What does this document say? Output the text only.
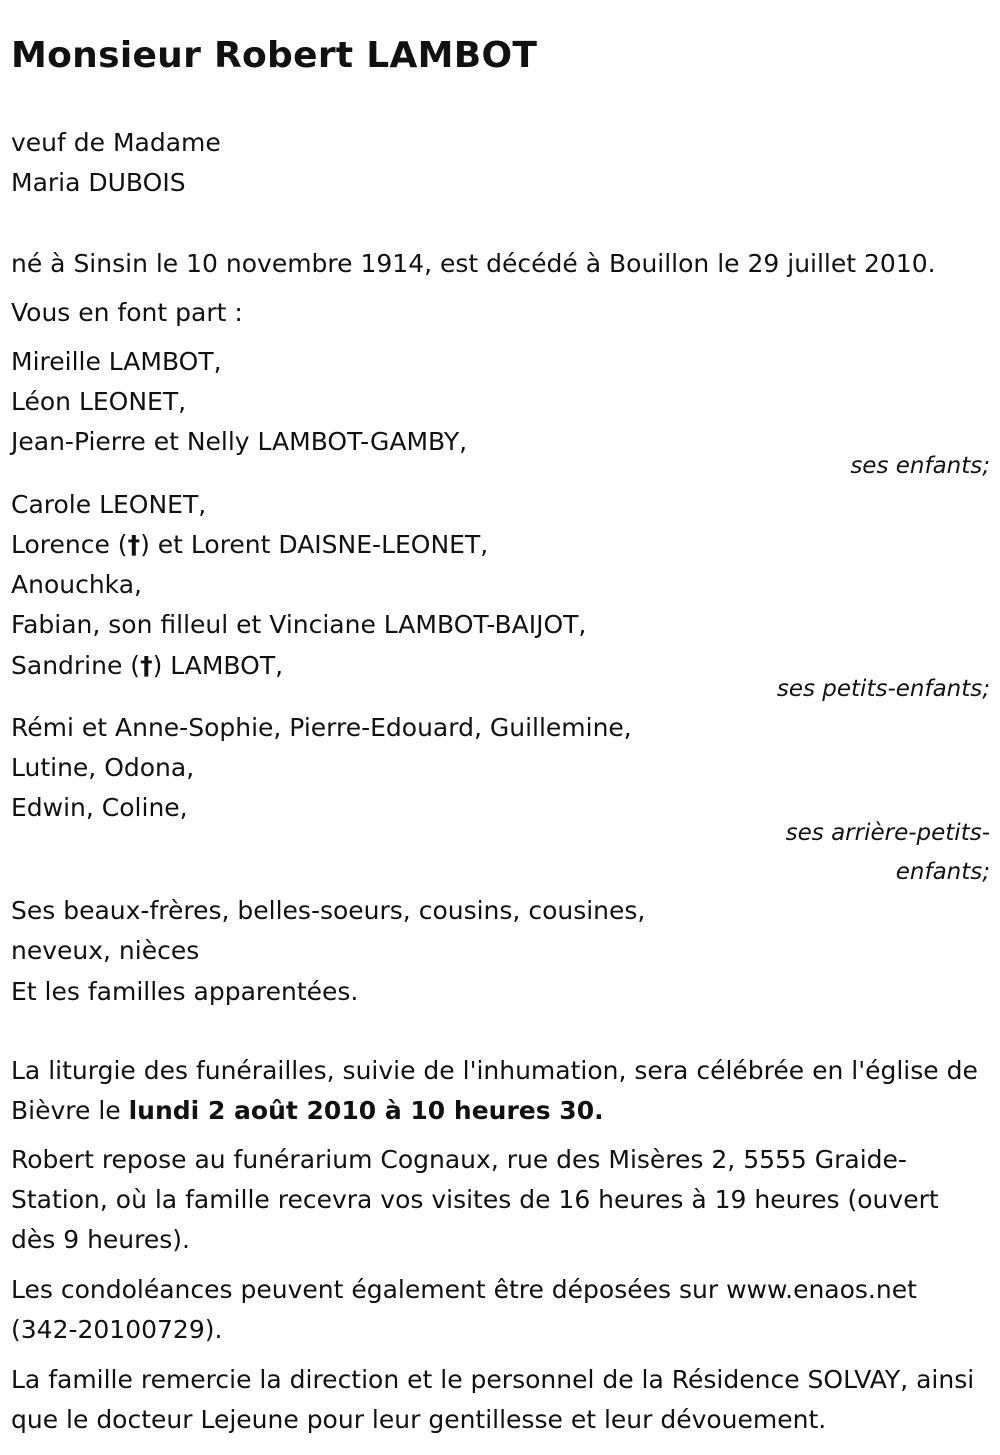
Monsieur Robert LAMBOT

veuf de Madame

Maria DUBOIS

né à Sinsin le 10 novembre 1914, est décédé à Bouillon le 29 juillet 2010.

Vous en font part :

Mireille LAMBOT,

Léon LEONET,

Jean-Pierre et Nelly LAMBOT-GAMBY,

ses enfants;

Carole LEONET,

Lorence (†) et Lorent DAISNE-LEONET,

Anouchka,

Fabian, son filleul et Vinciane LAMBOT-BAIJOT,

Sandrine (†) LAMBOT,

ses petits-enfants;

Rémi et Anne-Sophie, Pierre-Edouard, Guillemine,

Lutine, Odona,

Edwin, Coline,

ses arrière-petits-

enfants;

Ses beaux-frères, belles-soeurs, cousins, cousines,

neveux, nièces

Et les familles apparentées.

La liturgie des funérailles, suivie de l'inhumation, sera célébrée en l'église de Bièvre le lundi 2 août 2010 à 10 heures 30.

Robert repose au funérarium Cognaux, rue des Misères 2, 5555 Graide-Station, où la famille recevra vos visites de 16 heures à 19 heures (ouvert dès 9 heures).

Les condoléances peuvent également être déposées sur www.enaos.net (342-20100729).

La famille remercie la direction et le personnel de la Résidence SOLVAY, ainsi que le docteur Lejeune pour leur gentillesse et leur dévouement.
